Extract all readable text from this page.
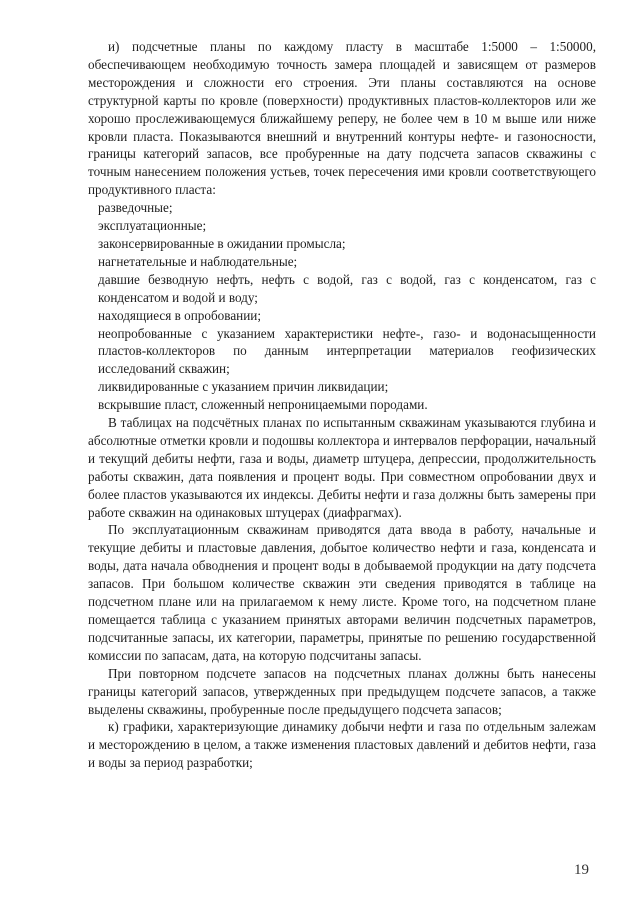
и) подсчетные планы по каждому пласту в масштабе 1:5000 – 1:50000, обеспечивающем необходимую точность замера площадей и зависящем от размеров месторождения и сложности его строения. Эти планы составляются на основе структурной карты по кровле (поверхности) продуктивных пластов-коллекторов или же хорошо прослеживающемуся ближайшему реперу, не более чем в 10 м выше или ниже кровли пласта. Показываются внешний и внутренний контуры нефте- и газоносности, границы категорий запасов, все пробуренные на дату подсчета запасов скважины с точным нанесением положения устьев, точек пересечения ими кровли соответствующего продуктивного пласта:

разведочные;
эксплуатационные;
законсервированные в ожидании промысла;
нагнетательные и наблюдательные;
давшие безводную нефть, нефть с водой, газ с водой, газ с конденсатом, газ с конденсатом и водой и воду;
находящиеся в опробовании;
неопробованные с указанием характеристики нефте-, газо- и водонасыщенности пластов-коллекторов по данным интерпретации материалов геофизических исследований скважин;
ликвидированные с указанием причин ликвидации;
вскрывшие пласт, сложенный непроницаемыми породами.

В таблицах на подсчётных планах по испытанным скважинам указываются глубина и абсолютные отметки кровли и подошвы коллектора и интервалов перфорации, начальный и текущий дебиты нефти, газа и воды, диаметр штуцера, депрессии, продолжительность работы скважин, дата появления и процент воды. При совместном опробовании двух и более пластов указываются их индексы. Дебиты нефти и газа должны быть замерены при работе скважин на одинаковых штуцерах (диафрагмах).

По эксплуатационным скважинам приводятся дата ввода в работу, начальные и текущие дебиты и пластовые давления, добытое количество нефти и газа, конденсата и воды, дата начала обводнения и процент воды в добываемой продукции на дату подсчета запасов. При большом количестве скважин эти сведения приводятся в таблице на подсчетном плане или на прилагаемом к нему листе. Кроме того, на подсчетном плане помещается таблица с указанием принятых авторами величин подсчетных параметров, подсчитанные запасы, их категории, параметры, принятые по решению государственной комиссии по запасам, дата, на которую подсчитаны запасы.

При повторном подсчете запасов на подсчетных планах должны быть нанесены границы категорий запасов, утвержденных при предыдущем подсчете запасов, а также выделены скважины, пробуренные после предыдущего подсчета запасов;

к) графики, характеризующие динамику добычи нефти и газа по отдельным залежам и месторождению в целом, а также изменения пластовых давлений и дебитов нефти, газа и воды за период разработки;

19
